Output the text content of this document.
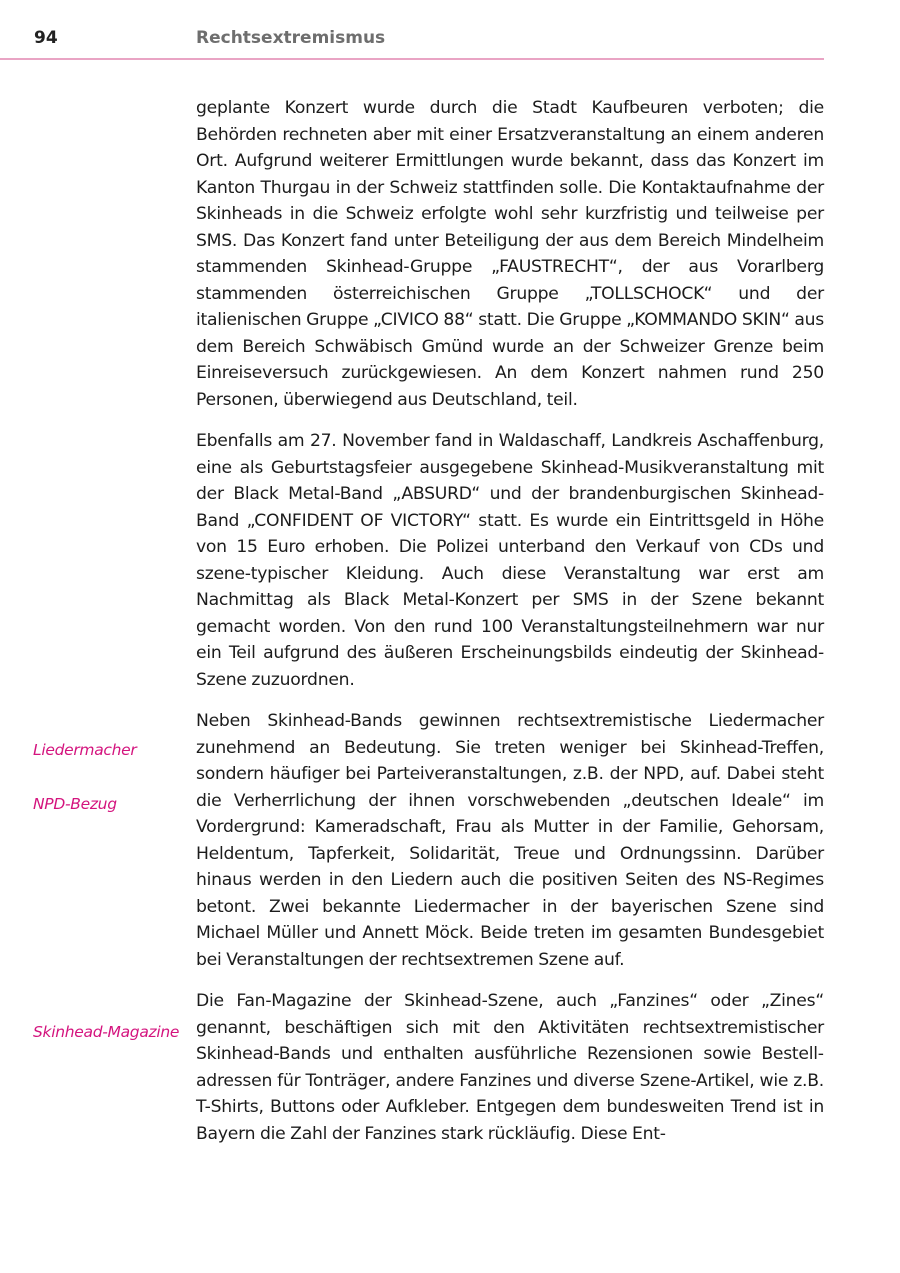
94	Rechtsextremismus
Liedermacher
NPD-Bezug
Skinhead-Magazine

geplante Konzert wurde durch die Stadt Kaufbeuren verboten; die Behörden rechneten aber mit einer Ersatzveranstaltung an einem anderen Ort. Aufgrund weiterer Ermittlungen wurde bekannt, dass das Konzert im Kanton Thurgau in der Schweiz stattfinden solle. Die Kontaktaufnahme der Skinheads in die Schweiz erfolgte wohl sehr kurzfristig und teilweise per SMS. Das Konzert fand unter Beteiligung der aus dem Bereich Mindelheim stammenden Skinhead-Gruppe „FAUSTRECHT“, der aus Vorarlberg stammenden österreichischen Gruppe „TOLLSCHOCK“ und der italienischen Gruppe „CIVICO 88“ statt. Die Gruppe „KOMMANDO SKIN“ aus dem Bereich Schwäbisch Gmünd wurde an der Schweizer Grenze beim Einreiseversuch zurückgewiesen. An dem Konzert nahmen rund 250 Personen, überwiegend aus Deutschland, teil.

Ebenfalls am 27. November fand in Waldaschaff, Landkreis Aschaffenburg, eine als Geburtstagsfeier ausgegebene Skinhead-Musikveranstaltung mit der Black Metal-Band „ABSURD“ und der brandenburgischen Skinhead-Band „CONFIDENT OF VICTORY“ statt. Es wurde ein Eintrittsgeld in Höhe von 15 Euro erhoben. Die Polizei unterband den Verkauf von CDs und szene-typischer Kleidung. Auch diese Veranstaltung war erst am Nachmittag als Black Metal-Konzert per SMS in der Szene bekannt gemacht worden. Von den rund 100 Veranstaltungsteilnehmern war nur ein Teil aufgrund des äußeren Erscheinungsbilds eindeutig der Skinhead-Szene zuzuordnen.

Neben Skinhead-Bands gewinnen rechtsextremistische Liedermacher zunehmend an Bedeutung. Sie treten weniger bei Skinhead-Treffen, sondern häufiger bei Parteiveranstaltungen, z.B. der NPD, auf. Dabei steht die Verherrlichung der ihnen vorschwebenden „deutschen Ideale“ im Vordergrund: Kameradschaft, Frau als Mutter in der Familie, Gehorsam, Heldentum, Tapferkeit, Solidarität, Treue und Ordnungssinn. Darüber hinaus werden in den Liedern auch die positiven Seiten des NS-Regimes betont. Zwei bekannte Liedermacher in der bayerischen Szene sind Michael Müller und Annett Möck. Beide treten im gesamten Bundesgebiet bei Veranstaltungen der rechtsextremen Szene auf.

Die Fan-Magazine der Skinhead-Szene, auch „Fanzines“ oder „Zines“ genannt, beschäftigen sich mit den Aktivitäten rechtsextremistischer Skinhead-Bands und enthalten ausführliche Rezensionen sowie Bestelladressen für Tonträger, andere Fanzines und diverse Szene-Artikel, wie z.B. T-Shirts, Buttons oder Aufkleber. Entgegen dem bundesweiten Trend ist in Bayern die Zahl der Fanzines stark rückläufig. Diese Ent-
